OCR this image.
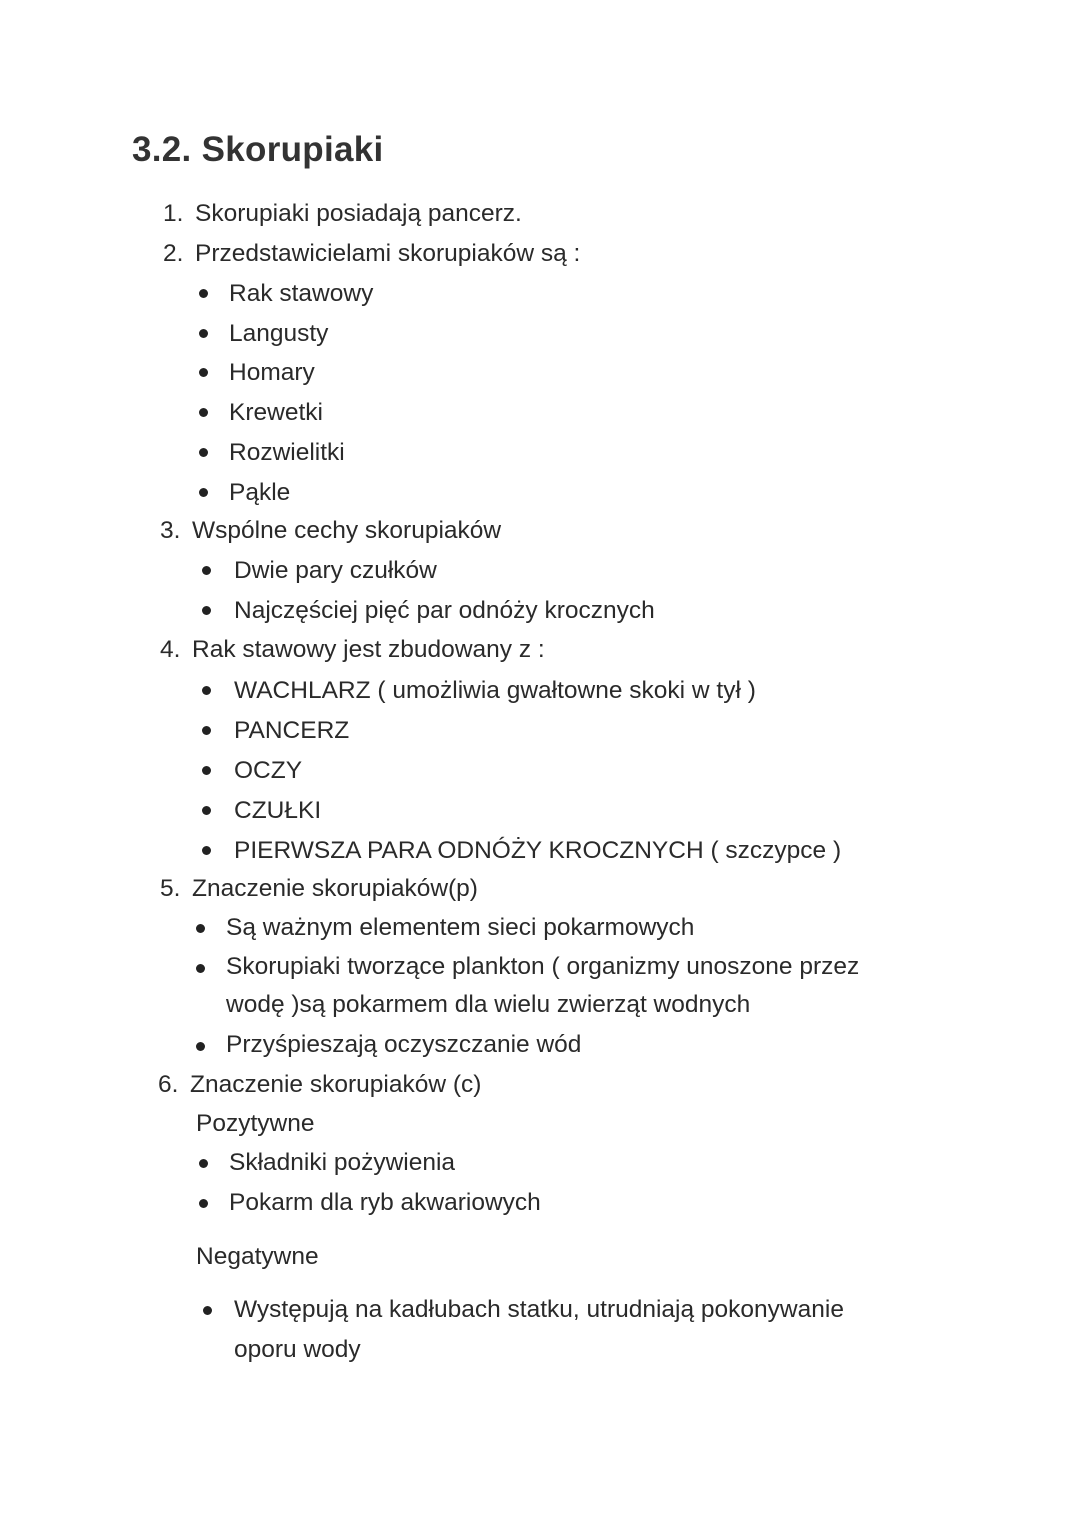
3.2. Skorupiaki
1. Skorupiaki posiadają pancerz.
2. Przedstawicielami skorupiaków są :
Rak stawowy
Langusty
Homary
Krewetki
Rozwielitki
Pąkle
3. Wspólne cechy skorupiaków
Dwie pary czułków
Najczęściej pięć par odnóży krocznych
4. Rak stawowy jest zbudowany z :
WACHLARZ ( umożliwia gwałtowne skoki w tył )
PANCERZ
OCZY
CZUŁKI
PIERWSZA PARA ODNÓŻY KROCZNYCH ( szczypce )
5. Znaczenie skorupiaków(p)
Są ważnym elementem sieci pokarmowych
Skorupiaki tworzące plankton ( organizmy unoszone przez
wodę )są pokarmem dla wielu zwierząt wodnych
Przyśpieszają oczyszczanie wód
6. Znaczenie skorupiaków (c)
Pozytywne
Składniki pożywienia
Pokarm dla ryb akwariowych
Negatywne
Występują na kadłubach statku, utrudniają pokonywanie
oporu wody
